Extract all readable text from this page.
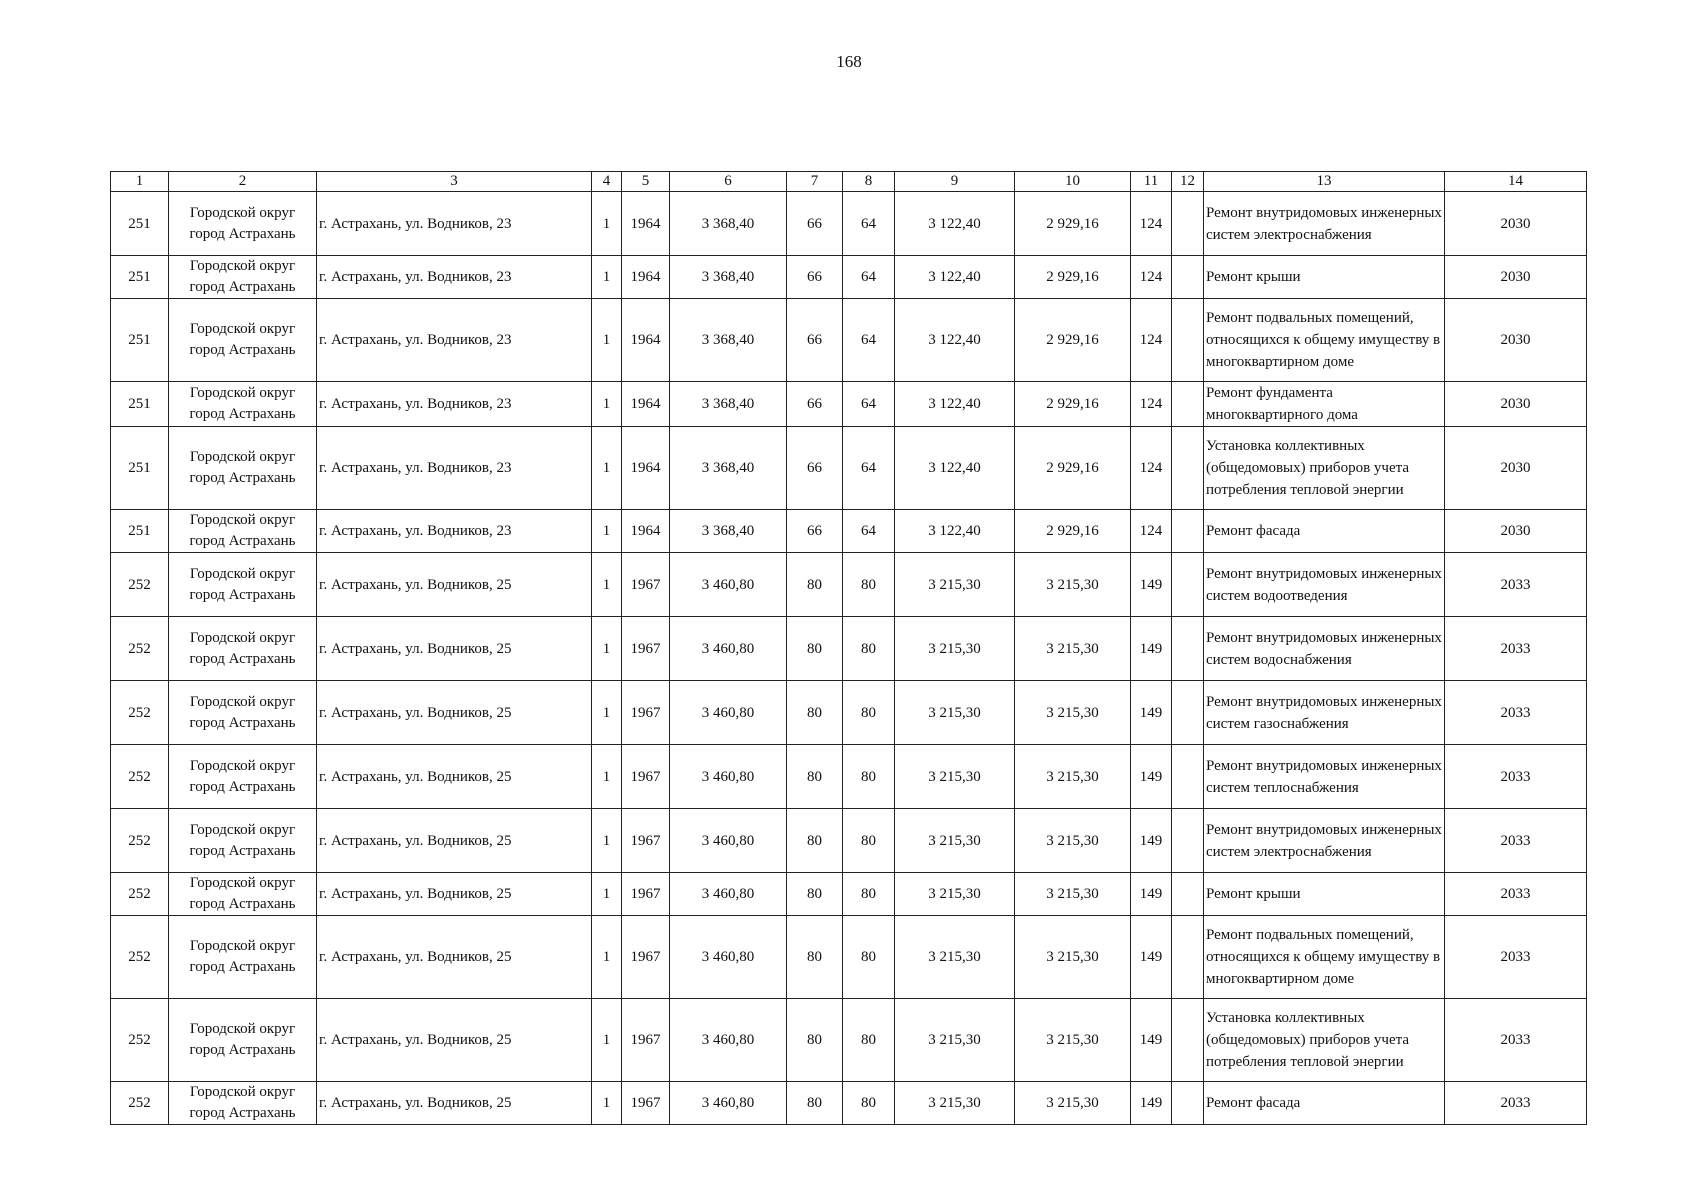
168
1	2	3	4	5	6	7	8	9	10	11	12	13	14
251	Городской округ город Астрахань	г. Астрахань, ул. Водников, 23	1	1964	3 368,40	66	64	3 122,40	2 929,16	124		Ремонт внутридомовых инженерных систем электроснабжения	2030
251	Городской округ город Астрахань	г. Астрахань, ул. Водников, 23	1	1964	3 368,40	66	64	3 122,40	2 929,16	124		Ремонт крыши	2030
251	Городской округ город Астрахань	г. Астрахань, ул. Водников, 23	1	1964	3 368,40	66	64	3 122,40	2 929,16	124		Ремонт подвальных помещений, относящихся к общему имуществу в многоквартирном доме	2030
251	Городской округ город Астрахань	г. Астрахань, ул. Водников, 23	1	1964	3 368,40	66	64	3 122,40	2 929,16	124		Ремонт фундамента многоквартирного дома	2030
251	Городской округ город Астрахань	г. Астрахань, ул. Водников, 23	1	1964	3 368,40	66	64	3 122,40	2 929,16	124		Установка коллективных (общедомовых) приборов учета потребления тепловой энергии	2030
251	Городской округ город Астрахань	г. Астрахань, ул. Водников, 23	1	1964	3 368,40	66	64	3 122,40	2 929,16	124		Ремонт фасада	2030
252	Городской округ город Астрахань	г. Астрахань, ул. Водников, 25	1	1967	3 460,80	80	80	3 215,30	3 215,30	149		Ремонт внутридомовых инженерных систем водоотведения	2033
252	Городской округ город Астрахань	г. Астрахань, ул. Водников, 25	1	1967	3 460,80	80	80	3 215,30	3 215,30	149		Ремонт внутридомовых инженерных систем водоснабжения	2033
252	Городской округ город Астрахань	г. Астрахань, ул. Водников, 25	1	1967	3 460,80	80	80	3 215,30	3 215,30	149		Ремонт внутридомовых инженерных систем газоснабжения	2033
252	Городской округ город Астрахань	г. Астрахань, ул. Водников, 25	1	1967	3 460,80	80	80	3 215,30	3 215,30	149		Ремонт внутридомовых инженерных систем теплоснабжения	2033
252	Городской округ город Астрахань	г. Астрахань, ул. Водников, 25	1	1967	3 460,80	80	80	3 215,30	3 215,30	149		Ремонт внутридомовых инженерных систем электроснабжения	2033
252	Городской округ город Астрахань	г. Астрахань, ул. Водников, 25	1	1967	3 460,80	80	80	3 215,30	3 215,30	149		Ремонт крыши	2033
252	Городской округ город Астрахань	г. Астрахань, ул. Водников, 25	1	1967	3 460,80	80	80	3 215,30	3 215,30	149		Ремонт подвальных помещений, относящихся к общему имуществу в многоквартирном доме	2033
252	Городской округ город Астрахань	г. Астрахань, ул. Водников, 25	1	1967	3 460,80	80	80	3 215,30	3 215,30	149		Установка коллективных (общедомовых) приборов учета потребления тепловой энергии	2033
252	Городской округ город Астрахань	г. Астрахань, ул. Водников, 25	1	1967	3 460,80	80	80	3 215,30	3 215,30	149		Ремонт фасада	2033
